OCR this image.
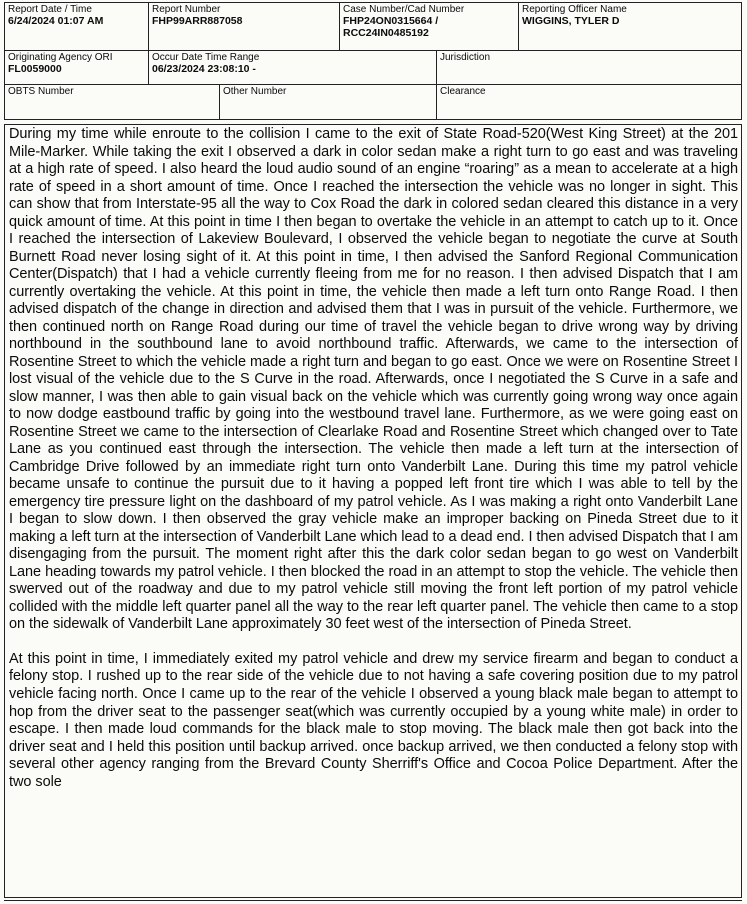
Report Date / Time
6/24/2024 01:07 AM
Report Number
FHP99ARR887058
Case Number/Cad Number
FHP24ON0315664 /
RCC24IN0485192
Reporting Officer Name
WIGGINS, TYLER D
Originating Agency ORI
FL0059000
Occur Date Time Range
06/23/2024 23:08:10 -
Jurisdiction
OBTS Number	Other Number	Clearance

During my time while enroute to the collision I came to the exit of State Road-520(West King Street) at the 201 Mile-Marker. While taking the exit I observed a dark in color sedan make a right turn to go east and was traveling at a high rate of speed. I also heard the loud audio sound of an engine “roaring” as a mean to accelerate at a high rate of speed in a short amount of time. Once I reached the intersection the vehicle was no longer in sight. This can show that from Interstate-95 all the way to Cox Road the dark in colored sedan cleared this distance in a very quick amount of time. At this point in time I then began to overtake the vehicle in an attempt to catch up to it. Once I reached the intersection of Lakeview Boulevard, I observed the vehicle began to negotiate the curve at South Burnett Road never losing sight of it. At this point in time, I then advised the Sanford Regional Communication Center(Dispatch) that I had a vehicle currently fleeing from me for no reason. I then advised Dispatch that I am currently overtaking the vehicle. At this point in time, the vehicle then made a left turn onto Range Road. I then advised dispatch of the change in direction and advised them that I was in pursuit of the vehicle. Furthermore, we then continued north on Range Road during our time of travel the vehicle began to drive wrong way by driving northbound in the southbound lane to avoid northbound traffic. Afterwards, we came to the intersection of Rosentine Street to which the vehicle made a right turn and began to go east. Once we were on Rosentine Street I lost visual of the vehicle due to the S Curve in the road. Afterwards, once I negotiated the S Curve in a safe and slow manner, I was then able to gain visual back on the vehicle which was currently going wrong way once again to now dodge eastbound traffic by going into the westbound travel lane. Furthermore, as we were going east on Rosentine Street we came to the intersection of Clearlake Road and Rosentine Street which changed over to Tate Lane as you continued east through the intersection. The vehicle then made a left turn at the intersection of Cambridge Drive followed by an immediate right turn onto Vanderbilt Lane. During this time my patrol vehicle became unsafe to continue the pursuit due to it having a popped left front tire which I was able to tell by the emergency tire pressure light on the dashboard of my patrol vehicle. As I was making a right onto Vanderbilt Lane I began to slow down. I then observed the gray vehicle make an improper backing on Pineda Street due to it making a left turn at the intersection of Vanderbilt Lane which lead to a dead end. I then advised Dispatch that I am disengaging from the pursuit. The moment right after this the dark color sedan began to go west on Vanderbilt Lane heading towards my patrol vehicle. I then blocked the road in an attempt to stop the vehicle. The vehicle then swerved out of the roadway and due to my patrol vehicle still moving the front left portion of my patrol vehicle collided with the middle left quarter panel all the way to the rear left quarter panel. The vehicle then came to a stop on the sidewalk of Vanderbilt Lane approximately 30 feet west of the intersection of Pineda Street.

At this point in time, I immediately exited my patrol vehicle and drew my service firearm and began to conduct a felony stop. I rushed up to the rear side of the vehicle due to not having a safe covering position due to my patrol vehicle facing north. Once I came up to the rear of the vehicle I observed a young black male began to attempt to hop from the driver seat to the passenger seat(which was currently occupied by a young white male) in order to escape. I then made loud commands for the black male to stop moving. The black male then got back into the driver seat and I held this position until backup arrived. once backup arrived, we then conducted a felony stop with several other agency ranging from the Brevard County Sherriff's Office and Cocoa Police Department. After the two sole
